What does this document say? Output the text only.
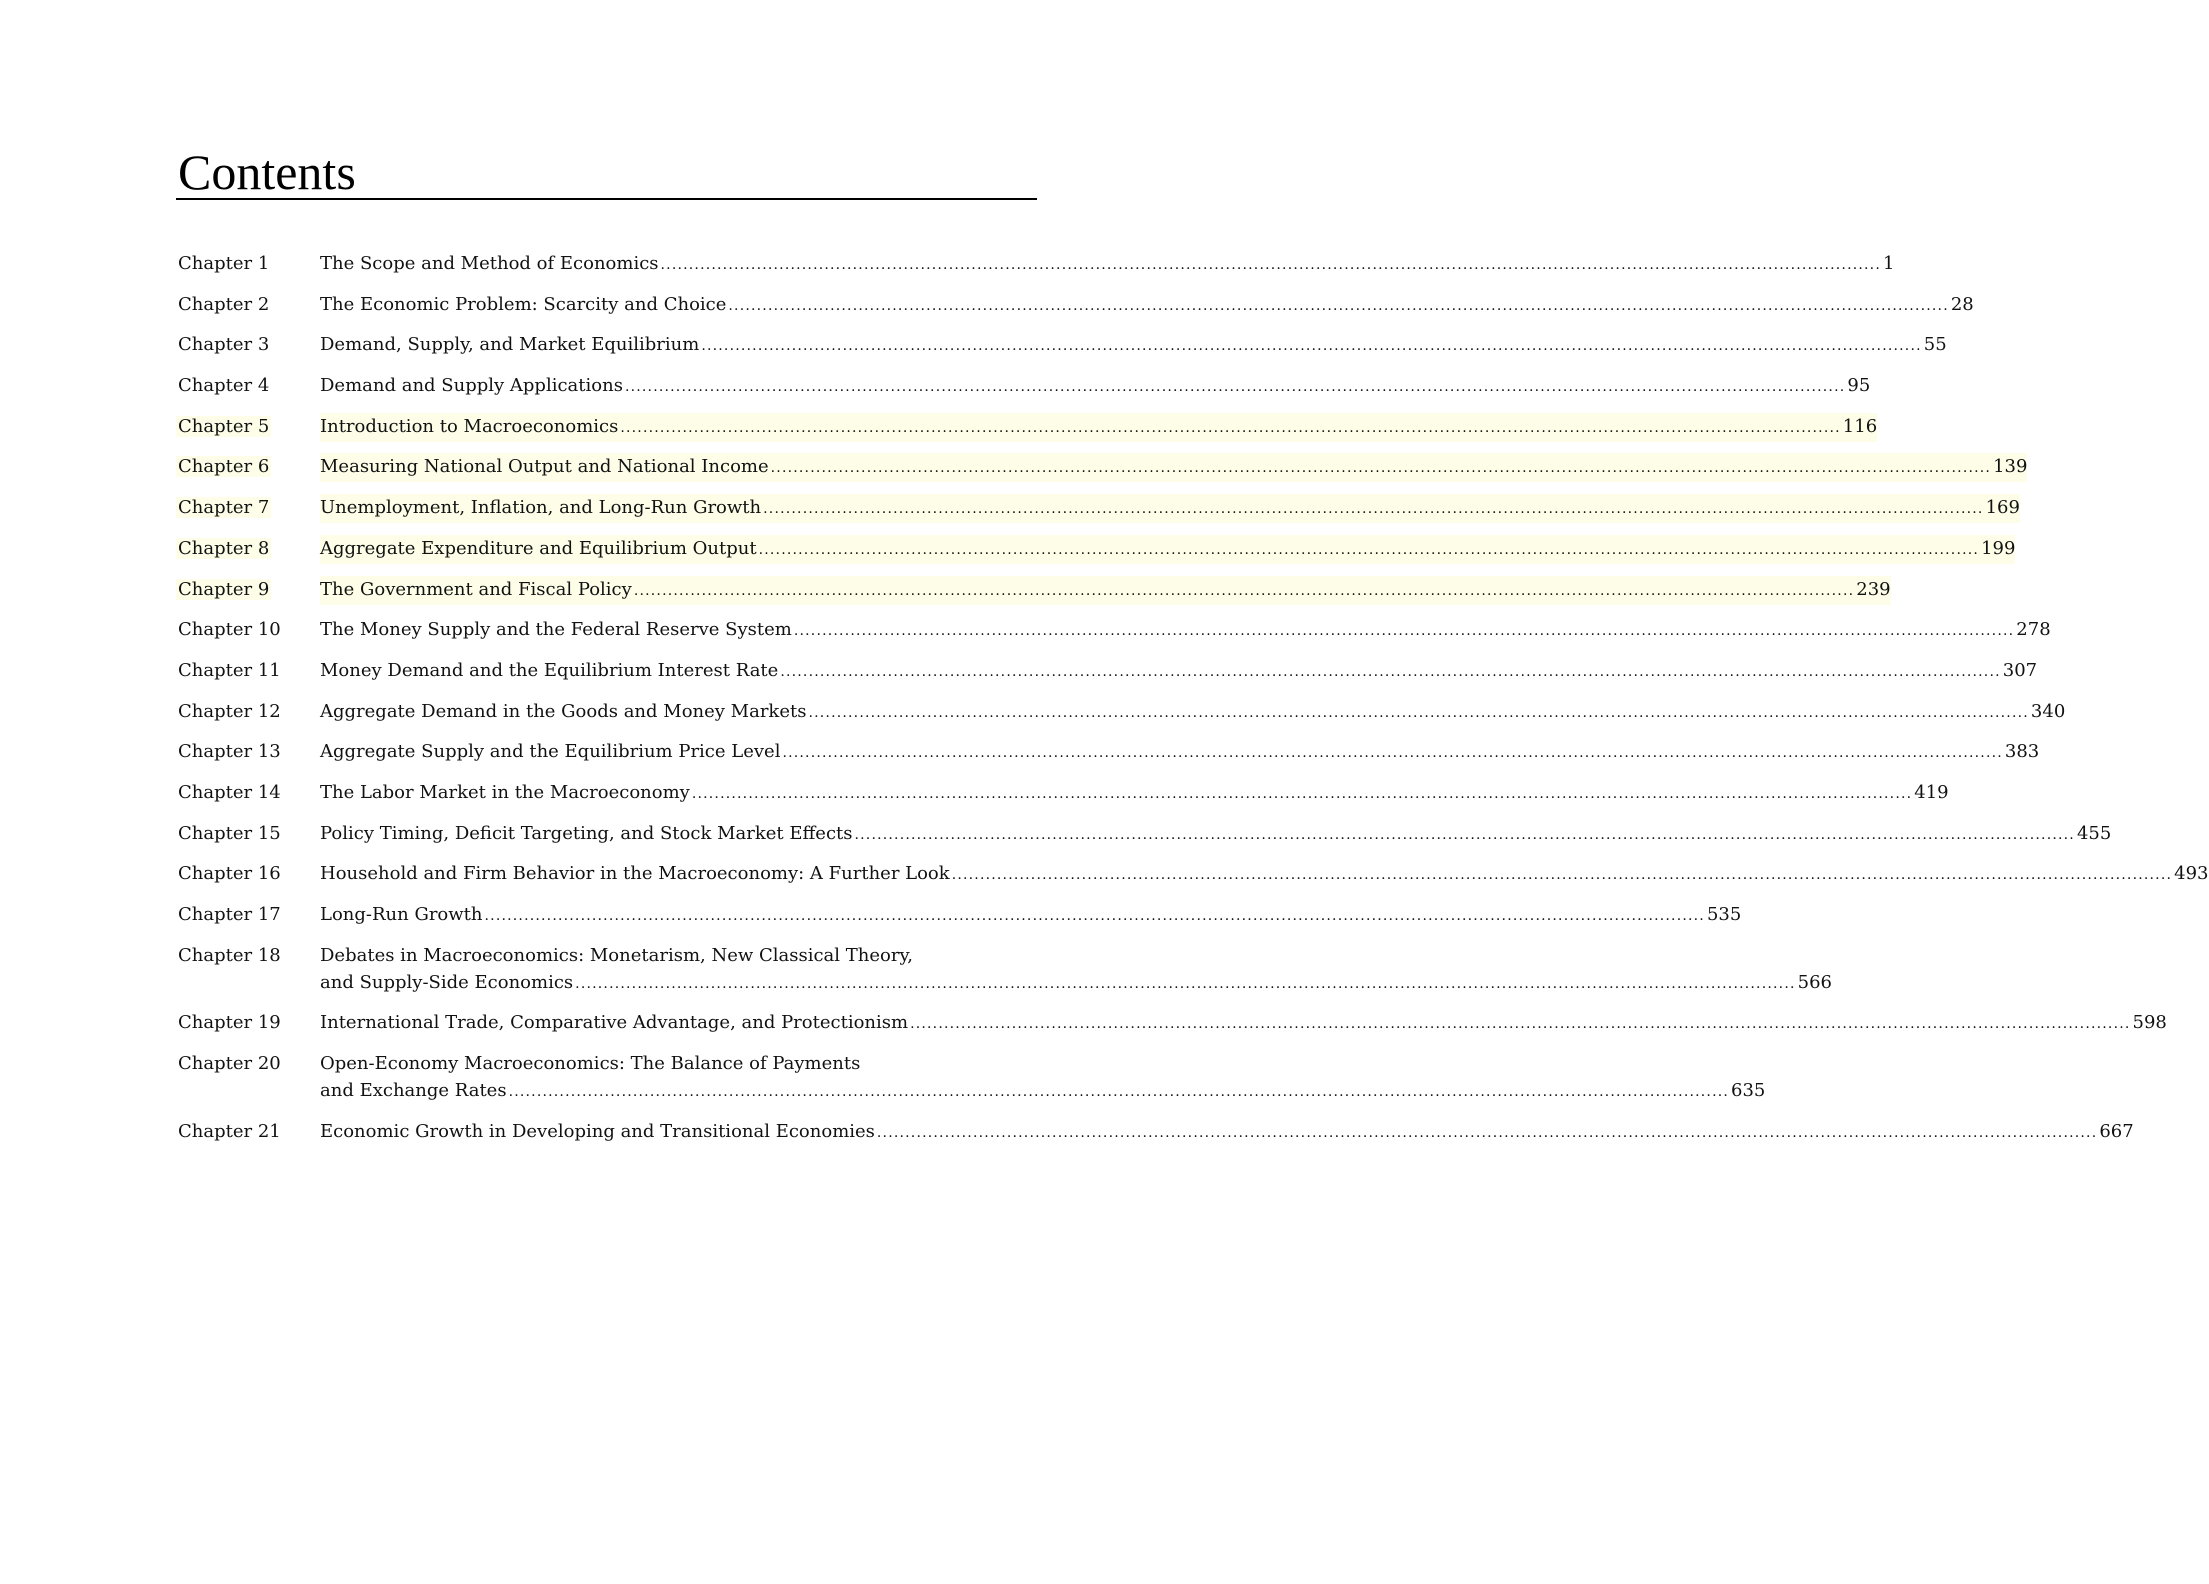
Contents
Chapter 1	The Scope and Method of Economics .....	1
Chapter 2	The Economic Problem: Scarcity and Choice .....	28
Chapter 3	Demand, Supply, and Market Equilibrium .....	55
Chapter 4	Demand and Supply Applications .....	95
Chapter 5	Introduction to Macroeconomics .....	116
Chapter 6	Measuring National Output and National Income .....	139
Chapter 7	Unemployment, Inflation, and Long-Run Growth .....	169
Chapter 8	Aggregate Expenditure and Equilibrium Output .....	199
Chapter 9	The Government and Fiscal Policy .....	239
Chapter 10	The Money Supply and the Federal Reserve System .....	278
Chapter 11	Money Demand and the Equilibrium Interest Rate .....	307
Chapter 12	Aggregate Demand in the Goods and Money Markets .....	340
Chapter 13	Aggregate Supply and the Equilibrium Price Level .....	383
Chapter 14	The Labor Market in the Macroeconomy .....	419
Chapter 15	Policy Timing, Deficit Targeting, and Stock Market Effects .....	455
Chapter 16	Household and Firm Behavior in the Macroeconomy: A Further Look .....	493
Chapter 17	Long-Run Growth .....	535
Chapter 18	Debates in Macroeconomics: Monetarism, New Classical Theory,
and Supply-Side Economics .....	566
Chapter 19	International Trade, Comparative Advantage, and Protectionism .....	598
Chapter 20	Open-Economy Macroeconomics: The Balance of Payments
and Exchange Rates .....	635
Chapter 21	Economic Growth in Developing and Transitional Economies .....	667
